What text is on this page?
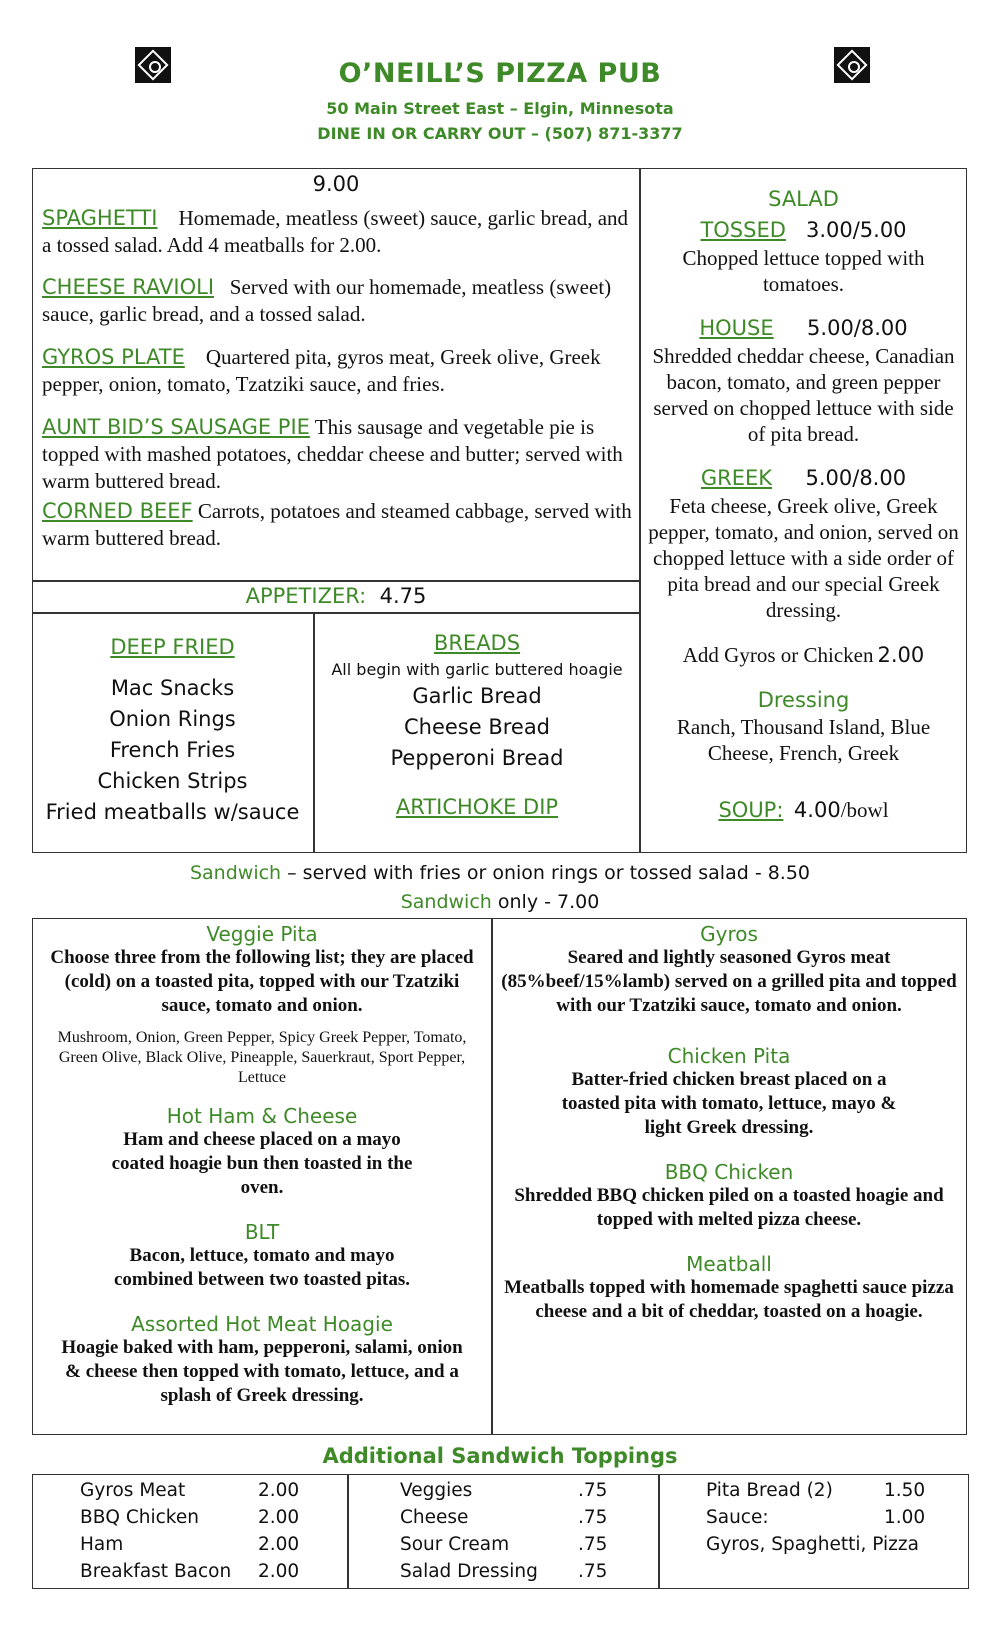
O’NEILL’S PIZZA PUB
50 Main Street East – Elgin, Minnesota
DINE IN OR CARRY OUT – (507) 871-3377
9.00
SPAGHETTI Homemade, meatless (sweet) sauce, garlic bread, and a tossed salad. Add 4 meatballs for 2.00.
CHEESE RAVIOLI Served with our homemade, meatless (sweet) sauce, garlic bread, and a tossed salad.
GYROS PLATE Quartered pita, gyros meat, Greek olive, Greek pepper, onion, tomato, Tzatziki sauce, and fries.
AUNT BID’S SAUSAGE PIE This sausage and vegetable pie is topped with mashed potatoes, cheddar cheese and butter; served with warm buttered bread.
CORNED BEEF Carrots, potatoes and steamed cabbage, served with warm buttered bread.
APPETIZER: 4.75
DEEP FRIED
Mac Snacks
Onion Rings
French Fries
Chicken Strips
Fried meatballs w/sauce
BREADS
All begin with garlic buttered hoagie
Garlic Bread
Cheese Bread
Pepperoni Bread
ARTICHOKE DIP
SALAD
TOSSED 3.00/5.00

Chopped lettuce topped with tomatoes.

HOUSE 5.00/8.00

Shredded cheddar cheese, Canadian bacon, tomato, and green pepper served on chopped lettuce with side of pita bread.

GREEK 5.00/8.00

Feta cheese, Greek olive, Greek pepper, tomato, and onion, served on chopped lettuce with a side order of pita bread and our special Greek dressing.

Add Gyros or Chicken 2.00

Dressing

Ranch, Thousand Island, Blue Cheese, French, Greek

SOUP: 4.00/bowl
Sandwich – served with fries or onion rings or tossed salad - 8.50
Sandwich only - 7.00
Veggie Pita
Choose three from the following list; they are placed (cold) on a toasted pita, topped with our Tzatziki sauce, tomato and onion.
Mushroom, Onion, Green Pepper, Spicy Greek Pepper, Tomato, Green Olive, Black Olive, Pineapple, Sauerkraut, Sport Pepper, Lettuce
Hot Ham & Cheese
Ham and cheese placed on a mayo coated hoagie bun then toasted in the oven.
BLT
Bacon, lettuce, tomato and mayo combined between two toasted pitas.
Assorted Hot Meat Hoagie
Hoagie baked with ham, pepperoni, salami, onion & cheese then topped with tomato, lettuce, and a splash of Greek dressing.
Gyros
Seared and lightly seasoned Gyros meat (85%beef/15%lamb) served on a grilled pita and topped with our Tzatziki sauce, tomato and onion.
Chicken Pita
Batter-fried chicken breast placed on a toasted pita with tomato, lettuce, mayo & light Greek dressing.
BBQ Chicken
Shredded BBQ chicken piled on a toasted hoagie and topped with melted pizza cheese.
Meatball
Meatballs topped with homemade spaghetti sauce pizza cheese and a bit of cheddar, toasted on a hoagie.
Additional Sandwich Toppings
Gyros Meat	2.00
BBQ Chicken	2.00
Ham	2.00
Breakfast Bacon 2.00
Veggies	.75
Cheese	.75
Sour Cream	.75
Salad Dressing .75
Pita Bread (2)	1.50
Sauce:	1.00
Gyros, Spaghetti, Pizza
